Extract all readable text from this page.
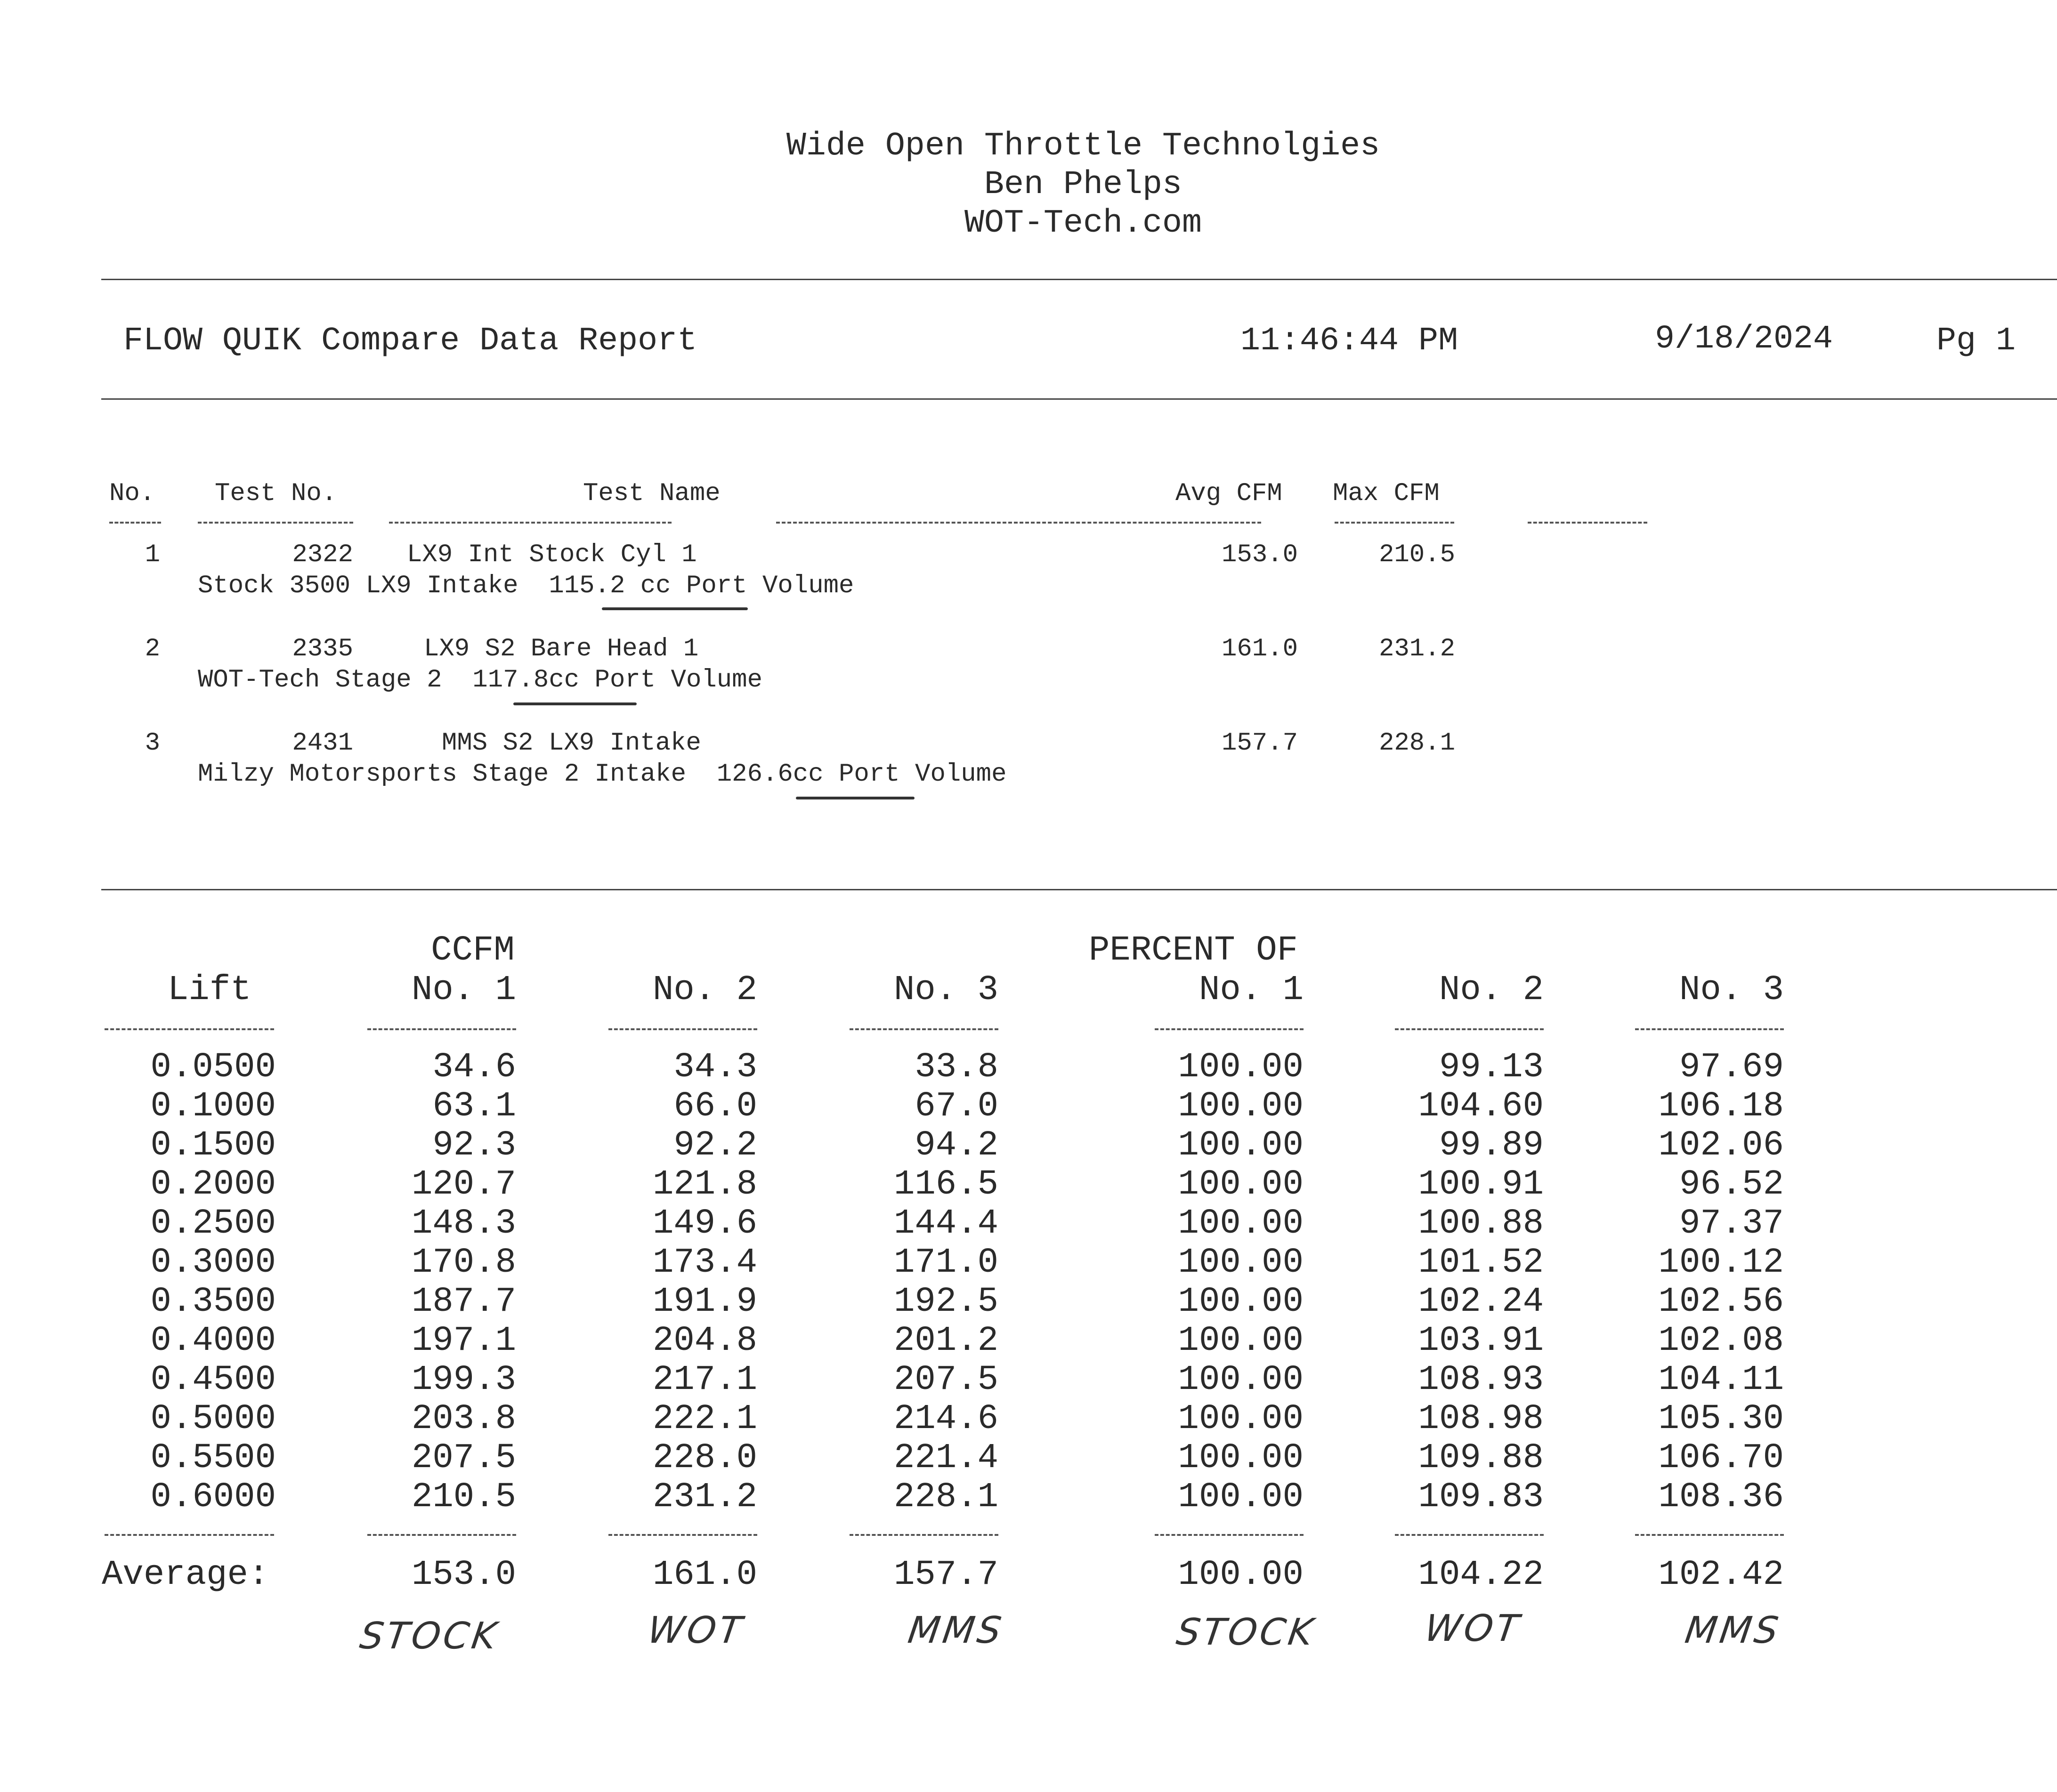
Wide Open Throttle Technolgies
Ben Phelps
WOT-Tech.com
FLOW QUIK Compare Data Report	11:46:44 PM	9/18/2024	Pg 1
No. Test No.	Test Name	Avg CFM Max CFM
1	2322 LX9 Int Stock Cyl 1	153.0	210.5
Stock 3500 LX9 Intake  115.2 cc Port Volume
2	2335	LX9 S2 Bare Head 1	161.0	231.2
WOT-Tech Stage 2  117.8cc Port Volume
3	2431	MMS S2 LX9 Intake	157.7	228.1
Milzy Motorsports Stage 2 Intake  126.6cc Port Volume
CCFM	PERCENT OF
Lift	No. 1	No. 2	No. 3	No. 1	No. 2	No. 3
0.0500	34.6	34.3	33.8	100.00	99.13	97.69
0.1000	63.1	66.0	67.0	100.00	104.60	106.18
0.1500	92.3	92.2	94.2	100.00	99.89	102.06
0.2000	120.7	121.8	116.5	100.00	100.91	96.52
0.2500	148.3	149.6	144.4	100.00	100.88	97.37
0.3000	170.8	173.4	171.0	100.00	101.52	100.12
0.3500	187.7	191.9	192.5	100.00	102.24	102.56
0.4000	197.1	204.8	201.2	100.00	103.91	102.08
0.4500	199.3	217.1	207.5	100.00	108.93	104.11
0.5000	203.8	222.1	214.6	100.00	108.98	105.30
0.5500	207.5	228.0	221.4	100.00	109.88	106.70
0.6000	210.5	231.2	228.1	100.00	109.83	108.36
Average:	153.0	161.0	157.7	100.00	104.22	102.42
STOCK	WOT	MMS	STOCK	WOT	MMS
